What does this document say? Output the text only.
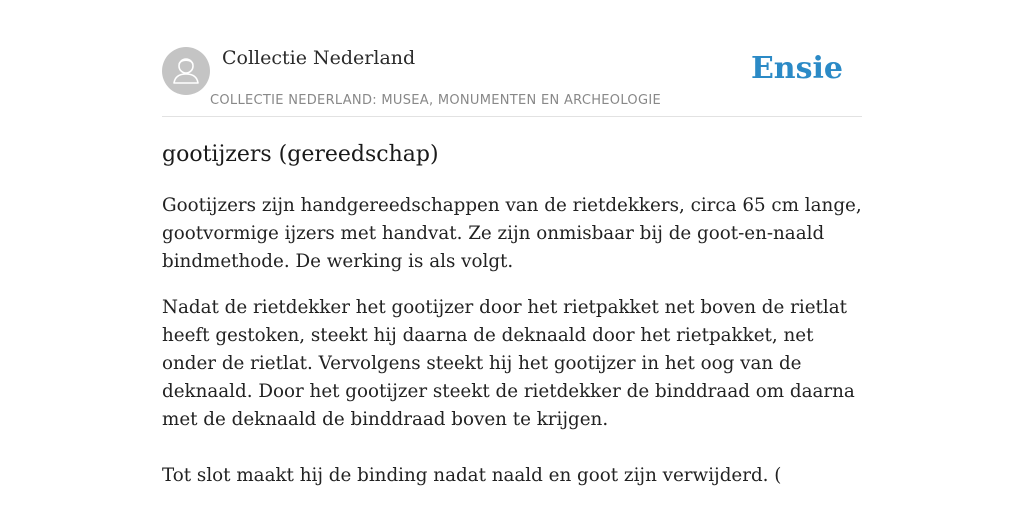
Collectie Nederland
COLLECTIE NEDERLAND: MUSEA, MONUMENTEN EN ARCHEOLOGIE
Ensie
gootijzers (gereedschap)

Gootijzers zijn handgereedschappen van de rietdekkers, circa 65 cm lange, gootvormige ijzers met handvat. Ze zijn onmisbaar bij de goot-en-naald bindmethode. De werking is als volgt.

Nadat de rietdekker het gootijzer door het rietpakket net boven de rietlat heeft gestoken, steekt hij daarna de deknaald door het rietpakket, net onder de rietlat. Vervolgens steekt hij het gootijzer in het oog van de deknaald. Door het gootijzer steekt de rietdekker de binddraad om daarna met de deknaald de binddraad boven te krijgen.

Tot slot maakt hij de binding nadat naald en goot zijn verwijderd. (
